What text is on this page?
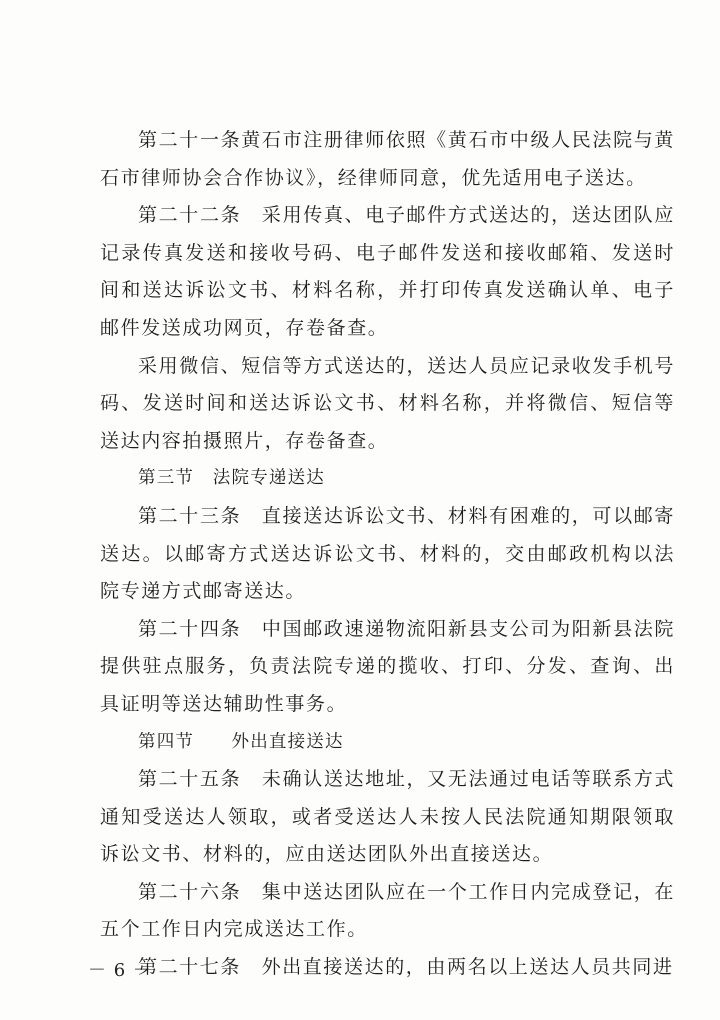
第二十一条黄石市注册律师依照《黄石市中级人民法院与黄石市律师协会合作协议》，经律师同意，优先适用电子送达。

第二十二条　采用传真、电子邮件方式送达的，送达团队应记录传真发送和接收号码、电子邮件发送和接收邮箱、发送时间和送达诉讼文书、材料名称，并打印传真发送确认单、电子邮件发送成功网页，存卷备查。

采用微信、短信等方式送达的，送达人员应记录收发手机号码、发送时间和送达诉讼文书、材料名称，并将微信、短信等送达内容拍摄照片，存卷备查。

第三节　法院专递送达

第二十三条　直接送达诉讼文书、材料有困难的，可以邮寄送达。以邮寄方式送达诉讼文书、材料的，交由邮政机构以法院专递方式邮寄送达。

第二十四条　中国邮政速递物流阳新县支公司为阳新县法院提供驻点服务，负责法院专递的揽收、打印、分发、查询、出具证明等送达辅助性事务。

第四节　　外出直接送达

第二十五条　未确认送达地址，又无法通过电话等联系方式通知受送达人领取，或者受送达人未按人民法院通知期限领取诉讼文书、材料的，应由送达团队外出直接送达。

第二十六条　集中送达团队应在一个工作日内完成登记，在五个工作日内完成送达工作。

第二十七条　外出直接送达的，由两名以上送达人员共同进

－ 6 －
